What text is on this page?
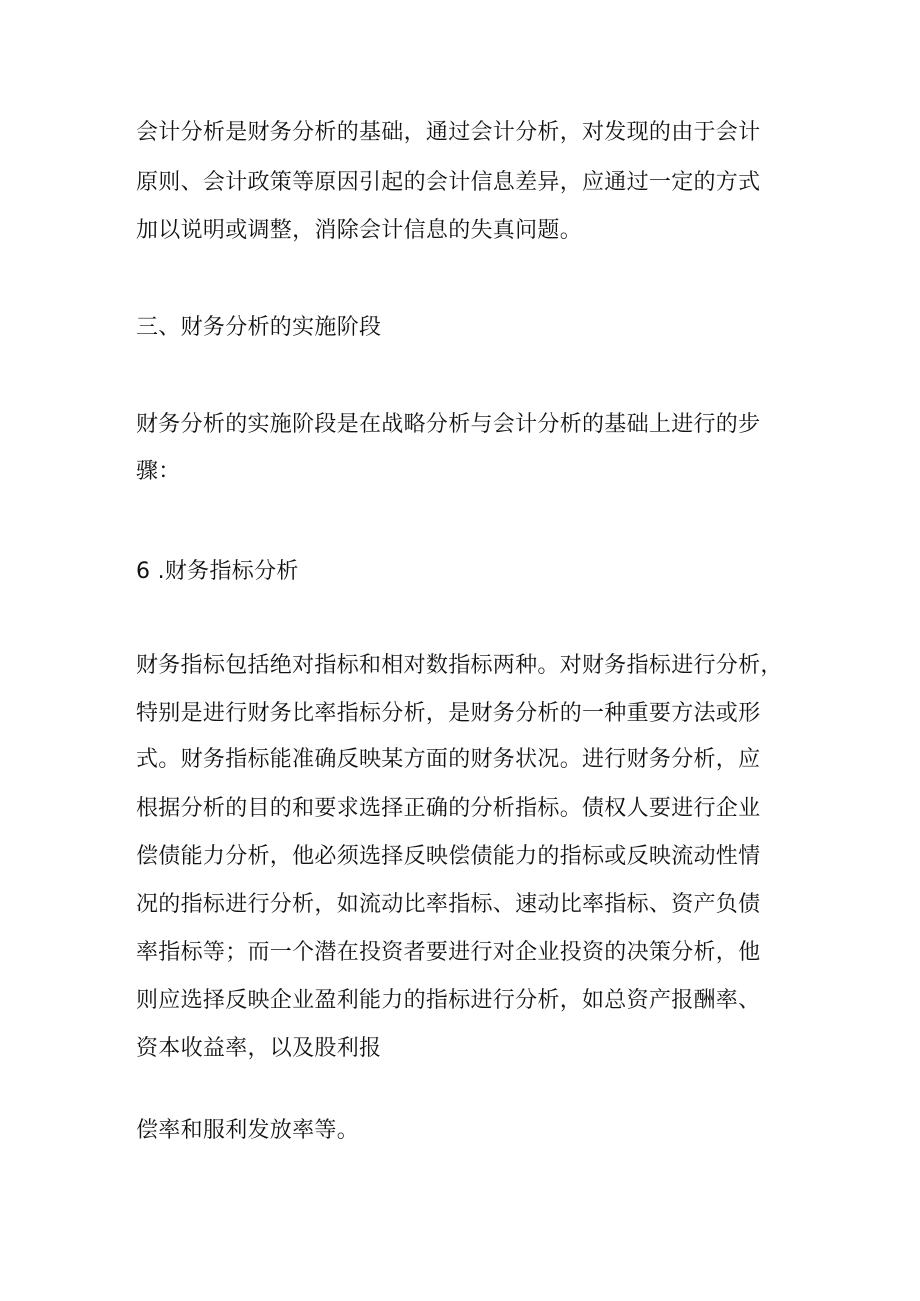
会计分析是财务分析的基础，通过会计分析，对发现的由于会计
原则、会计政策等原因引起的会计信息差异，应通过一定的方式
加以说明或调整，消除会计信息的失真问题。
三、财务分析的实施阶段
财务分析的实施阶段是在战略分析与会计分析的基础上进行的步
骤：
6 .财务指标分析
财务指标包括绝对指标和相对数指标两种。对财务指标进行分析，
特别是进行财务比率指标分析，是财务分析的一种重要方法或形
式。财务指标能准确反映某方面的财务状况。进行财务分析，应
根据分析的目的和要求选择正确的分析指标。债权人要进行企业
偿债能力分析，他必须选择反映偿债能力的指标或反映流动性情
况的指标进行分析，如流动比率指标、速动比率指标、资产负债
率指标等；而一个潜在投资者要进行对企业投资的决策分析，他
则应选择反映企业盈利能力的指标进行分析，如总资产报酬率、
资本收益率，以及股利报
偿率和服利发放率等。
